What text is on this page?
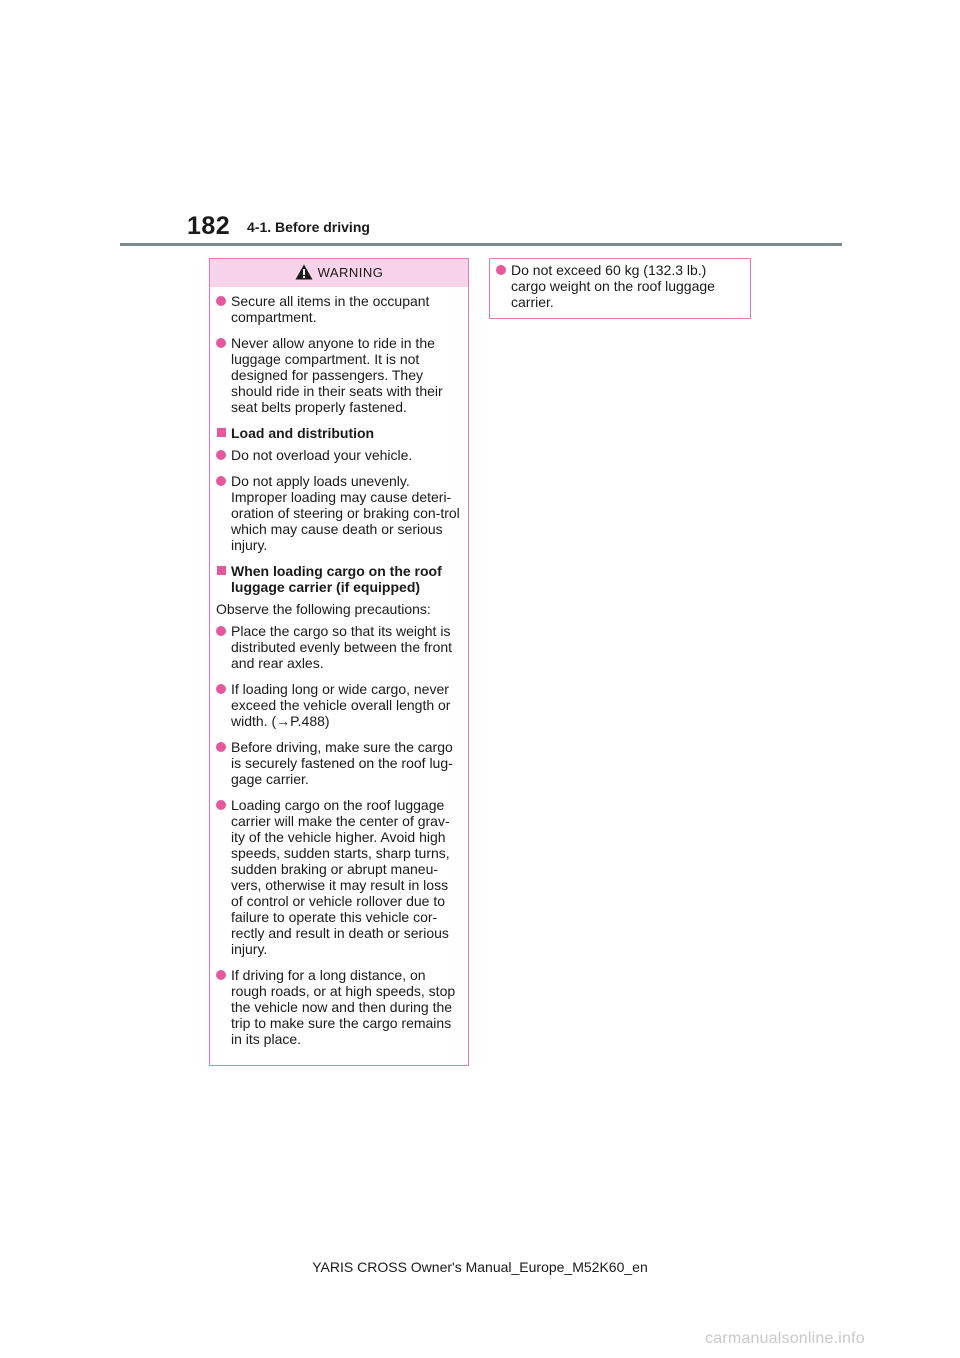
182 4-1. Before driving
WARNING
Secure all items in the occupant compartment.
Never allow anyone to ride in the luggage compartment. It is not designed for passengers. They should ride in their seats with their seat belts properly fastened.
Load and distribution
Do not overload your vehicle.
Do not apply loads unevenly. Improper loading may cause deteri-oration of steering or braking con-trol which may cause death or serious injury.
When loading cargo on the roof luggage carrier (if equipped)
Observe the following precautions:
Place the cargo so that its weight is distributed evenly between the front and rear axles.
If loading long or wide cargo, never exceed the vehicle overall length or width. (→P.488)
Before driving, make sure the cargo is securely fastened on the roof lug-gage carrier.
Loading cargo on the roof luggage carrier will make the center of grav-ity of the vehicle higher. Avoid high speeds, sudden starts, sharp turns, sudden braking or abrupt maneu-vers, otherwise it may result in loss of control or vehicle rollover due to failure to operate this vehicle cor-rectly and result in death or serious injury.
If driving for a long distance, on rough roads, or at high speeds, stop the vehicle now and then during the trip to make sure the cargo remains in its place.
Do not exceed 60 kg (132.3 lb.) cargo weight on the roof luggage carrier.
YARIS CROSS Owner's Manual_Europe_M52K60_en
carmanualsonline.info
